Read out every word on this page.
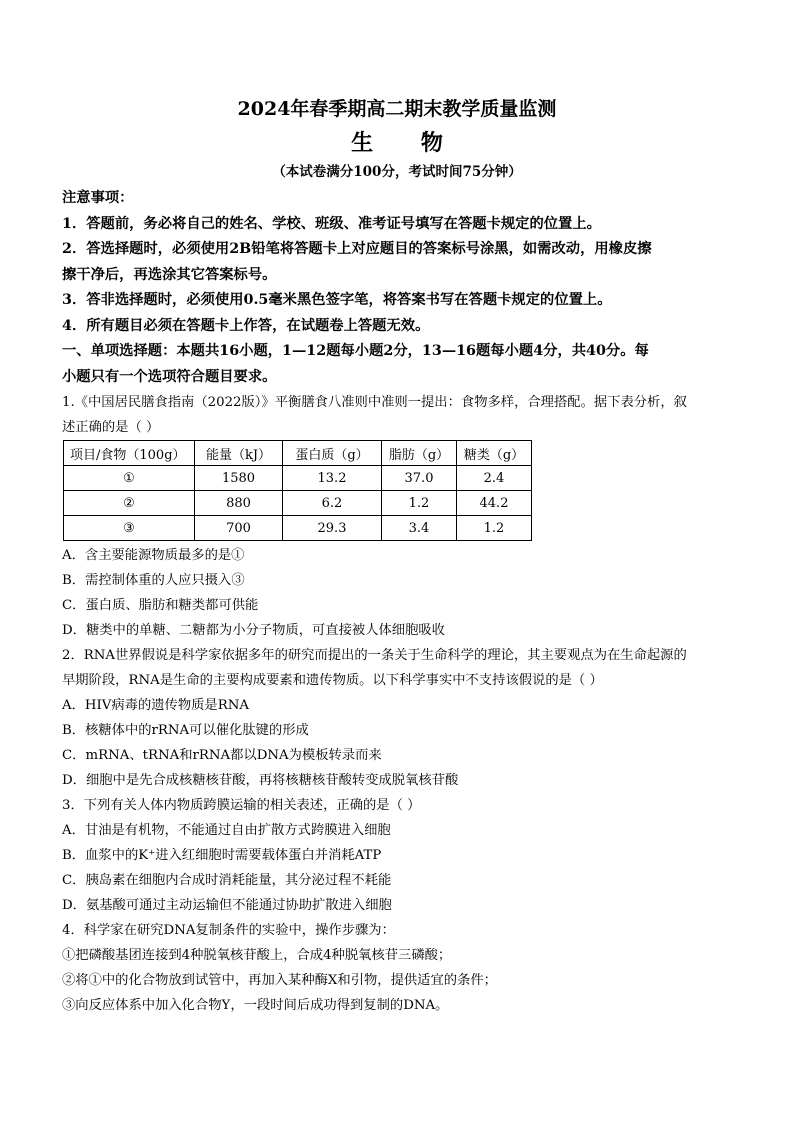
2024年春季期高二期末教学质量监测
生 物
（本试卷满分100分，考试时间75分钟）

注意事项：

1．答题前，务必将自己的姓名、学校、班级、准考证号填写在答题卡规定的位置上。

2．答选择题时，必须使用2B铅笔将答题卡上对应题目的答案标号涂黑，如需改动，用橡皮擦

擦干净后，再选涂其它答案标号。

3．答非选择题时，必须使用0.5毫米黑色签字笔，将答案书写在答题卡规定的位置上。

4．所有题目必须在答题卡上作答，在试题卷上答题无效。

一、单项选择题：本题共16小题，1—12题每小题2分，13—16题每小题4分，共40分。每

小题只有一个选项符合题目要求。

1.《中国居民膳食指南（2022版）》平衡膳食八准则中准则一提出：食物多样，合理搭配。据下表分析，叙

述正确的是（ ）

项目/食物（100g）	能量（kJ）	蛋白质（g）	脂肪（g）	糖类（g）
①	1580	13.2	37.0	2.4
②	880	6.2	1.2	44.2
③	700	29.3	3.4	1.2

A．含主要能源物质最多的是①

B．需控制体重的人应只摄入③

C．蛋白质、脂肪和糖类都可供能

D．糖类中的单糖、二糖都为小分子物质，可直接被人体细胞吸收

2．RNA世界假说是科学家依据多年的研究而提出的一条关于生命科学的理论，其主要观点为在生命起源的

早期阶段，RNA是生命的主要构成要素和遗传物质。以下科学事实中不支持该假说的是（ ）

A．HIV病毒的遗传物质是RNA

B．核糖体中的rRNA可以催化肽键的形成

C．mRNA、tRNA和rRNA都以DNA为模板转录而来

D．细胞中是先合成核糖核苷酸，再将核糖核苷酸转变成脱氧核苷酸

3．下列有关人体内物质跨膜运输的相关表述，正确的是（ ）

A．甘油是有机物，不能通过自由扩散方式跨膜进入细胞

B．血浆中的K⁺进入红细胞时需要载体蛋白并消耗ATP

C．胰岛素在细胞内合成时消耗能量，其分泌过程不耗能

D．氨基酸可通过主动运输但不能通过协助扩散进入细胞

4．科学家在研究DNA复制条件的实验中，操作步骤为：

①把磷酸基团连接到4种脱氧核苷酸上，合成4种脱氧核苷三磷酸；

②将①中的化合物放到试管中，再加入某种酶X和引物，提供适宜的条件；

③向反应体系中加入化合物Y，一段时间后成功得到复制的DNA。
